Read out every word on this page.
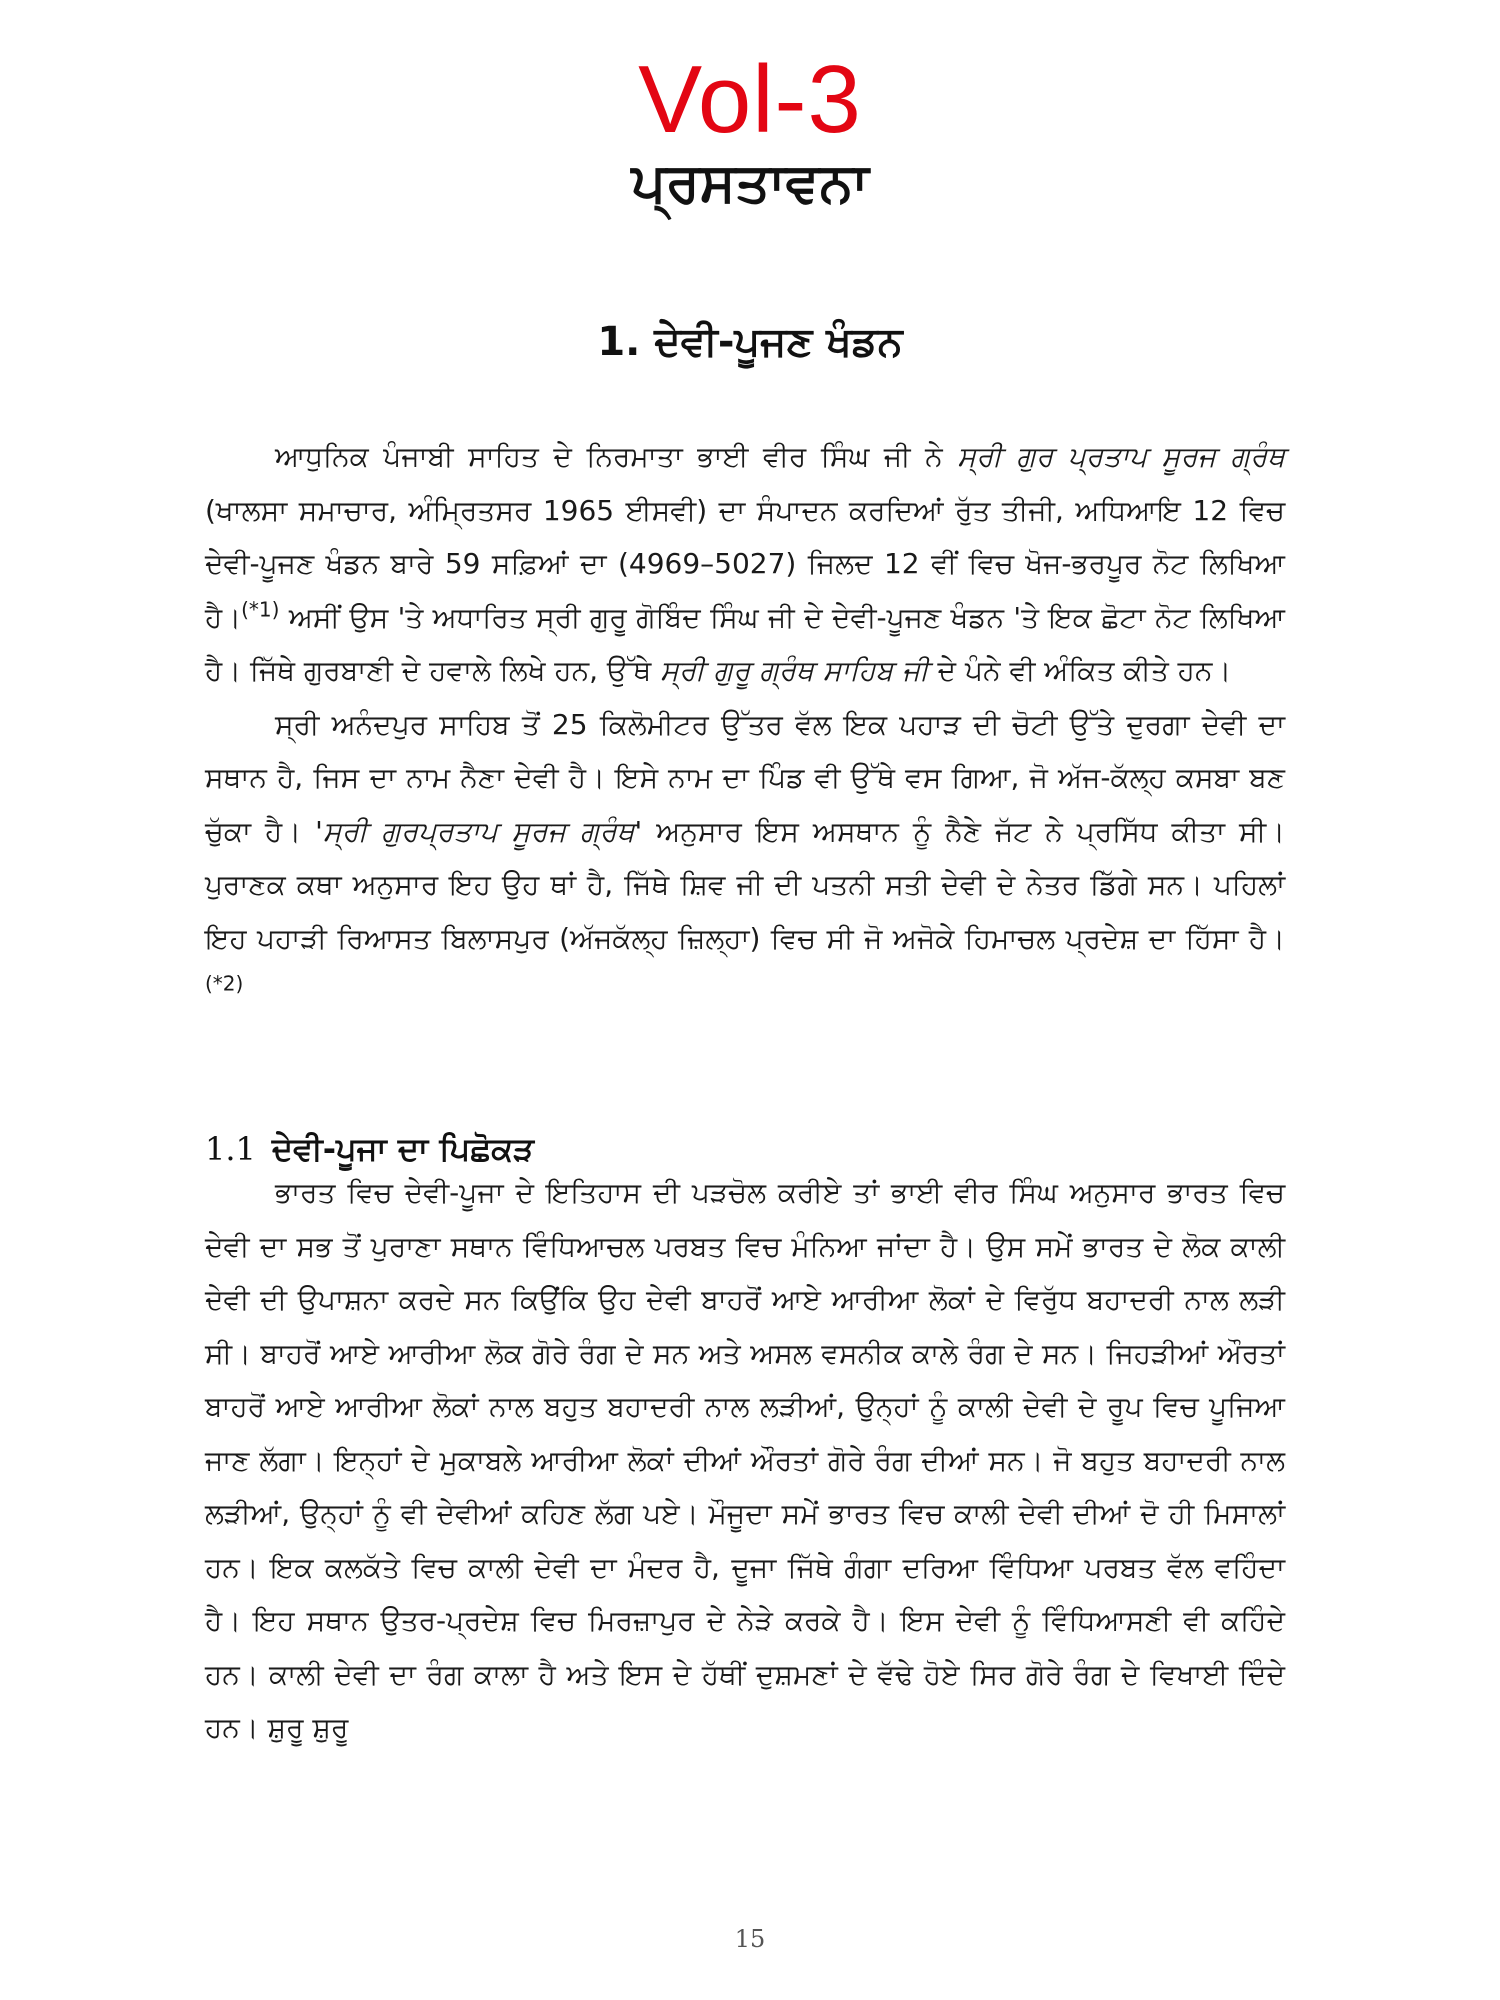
Vol-3
ਪ੍ਰਸਤਾਵਨਾ
1. ਦੇਵੀ-ਪੂਜਣ ਖੰਡਨ

ਆਧੁਨਿਕ ਪੰਜਾਬੀ ਸਾਹਿਤ ਦੇ ਨਿਰਮਾਤਾ ਭਾਈ ਵੀਰ ਸਿੰਘ ਜੀ ਨੇ ਸ੍ਰੀ ਗੁਰ ਪ੍ਰਤਾਪ ਸੂਰਜ ਗ੍ਰੰਥ (ਖਾਲਸਾ ਸਮਾਚਾਰ, ਅੰਮ੍ਰਿਤਸਰ 1965 ਈਸਵੀ) ਦਾ ਸੰਪਾਦਨ ਕਰਦਿਆਂ ਰੁੱਤ ਤੀਜੀ, ਅਧਿਆਇ 12 ਵਿਚ ਦੇਵੀ-ਪੂਜਣ ਖੰਡਨ ਬਾਰੇ 59 ਸਫ਼ਿਆਂ ਦਾ (4969–5027) ਜਿਲਦ 12 ਵੀਂ ਵਿਚ ਖੋਜ-ਭਰਪੂਰ ਨੋਟ ਲਿਖਿਆ ਹੈ।$^{(*1)}$ ਅਸੀਂ ਉਸ 'ਤੇ ਅਧਾਰਿਤ ਸ੍ਰੀ ਗੁਰੂ ਗੋਬਿੰਦ ਸਿੰਘ ਜੀ ਦੇ ਦੇਵੀ-ਪੂਜਣ ਖੰਡਨ 'ਤੇ ਇਕ ਛੋਟਾ ਨੋਟ ਲਿਖਿਆ ਹੈ। ਜਿੱਥੇ ਗੁਰਬਾਣੀ ਦੇ ਹਵਾਲੇ ਲਿਖੇ ਹਨ, ਉੱਥੇ ਸ੍ਰੀ ਗੁਰੂ ਗ੍ਰੰਥ ਸਾਹਿਬ ਜੀ ਦੇ ਪੰਨੇ ਵੀ ਅੰਕਿਤ ਕੀਤੇ ਹਨ।

ਸ੍ਰੀ ਅਨੰਦਪੁਰ ਸਾਹਿਬ ਤੋਂ 25 ਕਿਲੋਮੀਟਰ ਉੱਤਰ ਵੱਲ ਇਕ ਪਹਾੜ ਦੀ ਚੋਟੀ ਉੱਤੇ ਦੁਰਗਾ ਦੇਵੀ ਦਾ ਸਥਾਨ ਹੈ, ਜਿਸ ਦਾ ਨਾਮ ਨੈਣਾ ਦੇਵੀ ਹੈ। ਇਸੇ ਨਾਮ ਦਾ ਪਿੰਡ ਵੀ ਉੱਥੇ ਵਸ ਗਿਆ, ਜੋ ਅੱਜ-ਕੱਲ੍ਹ ਕਸਬਾ ਬਣ ਚੁੱਕਾ ਹੈ। 'ਸ੍ਰੀ ਗੁਰਪ੍ਰਤਾਪ ਸੂਰਜ ਗ੍ਰੰਥ' ਅਨੁਸਾਰ ਇਸ ਅਸਥਾਨ ਨੂੰ ਨੈਣੇ ਜੱਟ ਨੇ ਪ੍ਰਸਿੱਧ ਕੀਤਾ ਸੀ। ਪੁਰਾਣਕ ਕਥਾ ਅਨੁਸਾਰ ਇਹ ਉਹ ਥਾਂ ਹੈ, ਜਿੱਥੇ ਸ਼ਿਵ ਜੀ ਦੀ ਪਤਨੀ ਸਤੀ ਦੇਵੀ ਦੇ ਨੇਤਰ ਡਿੱਗੇ ਸਨ। ਪਹਿਲਾਂ ਇਹ ਪਹਾੜੀ ਰਿਆਸਤ ਬਿਲਾਸਪੁਰ (ਅੱਜਕੱਲ੍ਹ ਜ਼ਿਲ੍ਹਾ) ਵਿਚ ਸੀ ਜੋ ਅਜੋਕੇ ਹਿਮਾਚਲ ਪ੍ਰਦੇਸ਼ ਦਾ ਹਿੱਸਾ ਹੈ।$^{(*2)}$

1.1 ਦੇਵੀ-ਪੂਜਾ ਦਾ ਪਿਛੋਕੜ

ਭਾਰਤ ਵਿਚ ਦੇਵੀ-ਪੂਜਾ ਦੇ ਇਤਿਹਾਸ ਦੀ ਪੜਚੋਲ ਕਰੀਏ ਤਾਂ ਭਾਈ ਵੀਰ ਸਿੰਘ ਅਨੁਸਾਰ ਭਾਰਤ ਵਿਚ ਦੇਵੀ ਦਾ ਸਭ ਤੋਂ ਪੁਰਾਣਾ ਸਥਾਨ ਵਿੰਧਿਆਚਲ ਪਰਬਤ ਵਿਚ ਮੰਨਿਆ ਜਾਂਦਾ ਹੈ। ਉਸ ਸਮੇਂ ਭਾਰਤ ਦੇ ਲੋਕ ਕਾਲੀ ਦੇਵੀ ਦੀ ਉਪਾਸ਼ਨਾ ਕਰਦੇ ਸਨ ਕਿਉਂਕਿ ਉਹ ਦੇਵੀ ਬਾਹਰੋਂ ਆਏ ਆਰੀਆ ਲੋਕਾਂ ਦੇ ਵਿਰੁੱਧ ਬਹਾਦਰੀ ਨਾਲ ਲੜੀ ਸੀ। ਬਾਹਰੋਂ ਆਏ ਆਰੀਆ ਲੋਕ ਗੋਰੇ ਰੰਗ ਦੇ ਸਨ ਅਤੇ ਅਸਲ ਵਸਨੀਕ ਕਾਲੇ ਰੰਗ ਦੇ ਸਨ। ਜਿਹੜੀਆਂ ਔਰਤਾਂ ਬਾਹਰੋਂ ਆਏ ਆਰੀਆ ਲੋਕਾਂ ਨਾਲ ਬਹੁਤ ਬਹਾਦਰੀ ਨਾਲ ਲੜੀਆਂ, ਉਨ੍ਹਾਂ ਨੂੰ ਕਾਲੀ ਦੇਵੀ ਦੇ ਰੂਪ ਵਿਚ ਪੂਜਿਆ ਜਾਣ ਲੱਗਾ। ਇਨ੍ਹਾਂ ਦੇ ਮੁਕਾਬਲੇ ਆਰੀਆ ਲੋਕਾਂ ਦੀਆਂ ਔਰਤਾਂ ਗੋਰੇ ਰੰਗ ਦੀਆਂ ਸਨ। ਜੋ ਬਹੁਤ ਬਹਾਦਰੀ ਨਾਲ ਲੜੀਆਂ, ਉਨ੍ਹਾਂ ਨੂੰ ਵੀ ਦੇਵੀਆਂ ਕਹਿਣ ਲੱਗ ਪਏ। ਮੌਜੂਦਾ ਸਮੇਂ ਭਾਰਤ ਵਿਚ ਕਾਲੀ ਦੇਵੀ ਦੀਆਂ ਦੋ ਹੀ ਮਿਸਾਲਾਂ ਹਨ। ਇਕ ਕਲਕੱਤੇ ਵਿਚ ਕਾਲੀ ਦੇਵੀ ਦਾ ਮੰਦਰ ਹੈ, ਦੂਜਾ ਜਿੱਥੇ ਗੰਗਾ ਦਰਿਆ ਵਿੰਧਿਆ ਪਰਬਤ ਵੱਲ ਵਹਿੰਦਾ ਹੈ। ਇਹ ਸਥਾਨ ਉਤਰ-ਪ੍ਰਦੇਸ਼ ਵਿਚ ਮਿਰਜ਼ਾਪੁਰ ਦੇ ਨੇੜੇ ਕਰਕੇ ਹੈ। ਇਸ ਦੇਵੀ ਨੂੰ ਵਿੰਧਿਆਸਣੀ ਵੀ ਕਹਿੰਦੇ ਹਨ। ਕਾਲੀ ਦੇਵੀ ਦਾ ਰੰਗ ਕਾਲਾ ਹੈ ਅਤੇ ਇਸ ਦੇ ਹੱਥੀਂ ਦੁਸ਼ਮਣਾਂ ਦੇ ਵੱਢੇ ਹੋਏ ਸਿਰ ਗੋਰੇ ਰੰਗ ਦੇ ਵਿਖਾਈ ਦਿੰਦੇ ਹਨ। ਸ਼ੁਰੂ ਸ਼ੁਰੂ

15
